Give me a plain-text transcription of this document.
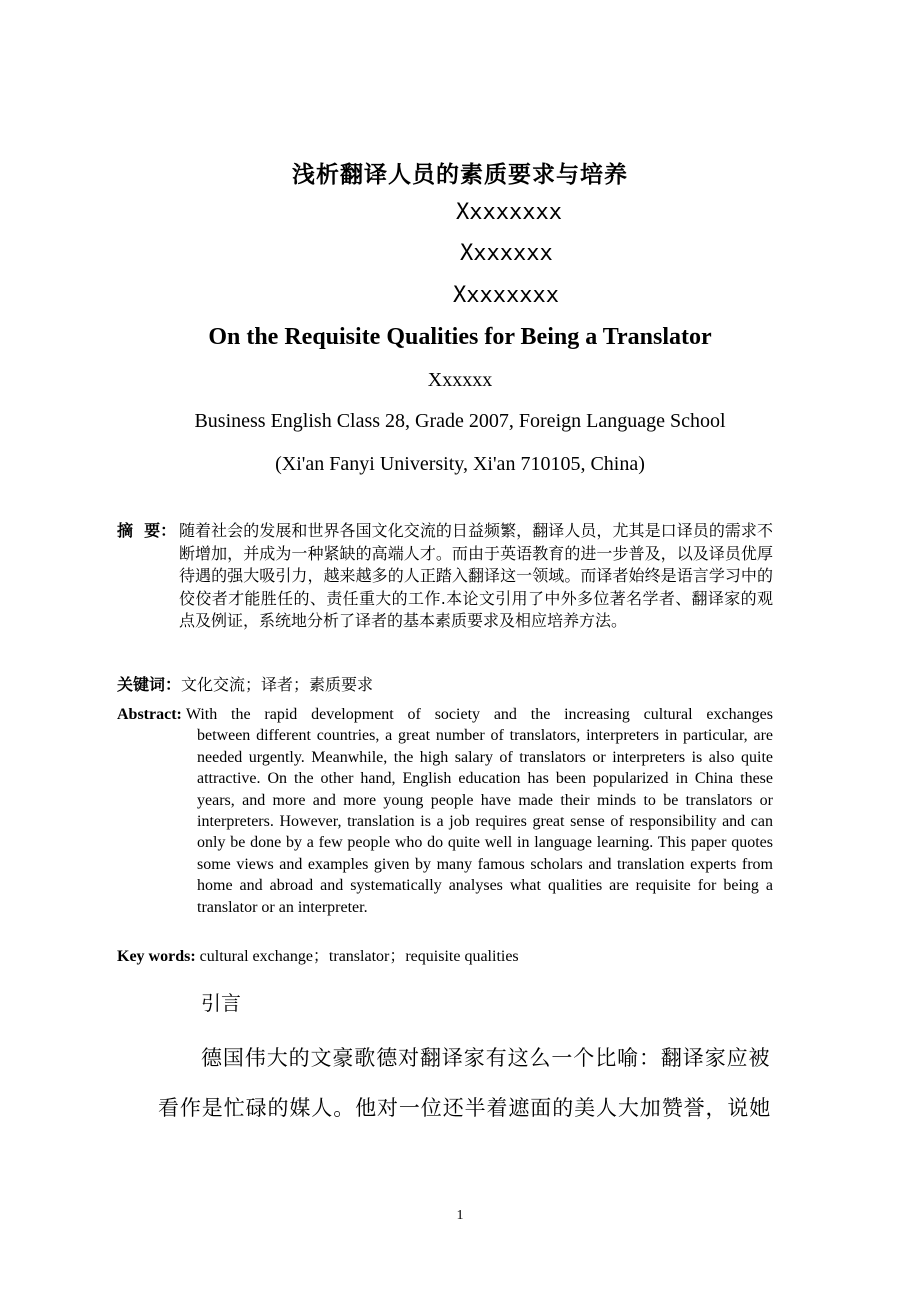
浅析翻译人员的素质要求与培养
Xxxxxxxx
Xxxxxxx
Xxxxxxxx
On the Requisite Qualities for Being a Translator
Xxxxxx
Business English Class 28, Grade 2007, Foreign Language School
(Xi'an Fanyi University, Xi'an 710105, China)
摘  要： 随着社会的发展和世界各国文化交流的日益频繁，翻译人员，尤其是口译员的需求不断增加，并成为一种紧缺的高端人才。而由于英语教育的进一步普及，以及译员优厚待遇的强大吸引力，越来越多的人正踏入翻译这一领域。而译者始终是语言学习中的佼佼者才能胜任的、责任重大的工作.本论文引用了中外多位著名学者、翻译家的观点及例证，系统地分析了译者的基本素质要求及相应培养方法。
关键词：文化交流；译者；素质要求
Abstract: With the rapid development of society and the increasing cultural exchanges
between different countries, a great number of translators, interpreters in particular, are needed urgently. Meanwhile, the high salary of translators or interpreters is also quite attractive. On the other hand, English education has been popularized in China these years, and more and more young people have made their minds to be translators or interpreters. However, translation is a job requires great sense of responsibility and can only be done by a few people who do quite well in language learning. This paper quotes some views and examples given by many famous scholars and translation experts from home and abroad and systematically analyses what qualities are requisite for being a translator or an interpreter.
Key words: cultural exchange；translator；requisite qualities
引言
德国伟大的文豪歌德对翻译家有这么一个比喻：翻译家应被
看作是忙碌的媒人。他对一位还半着遮面的美人大加赞誉，说她
1
